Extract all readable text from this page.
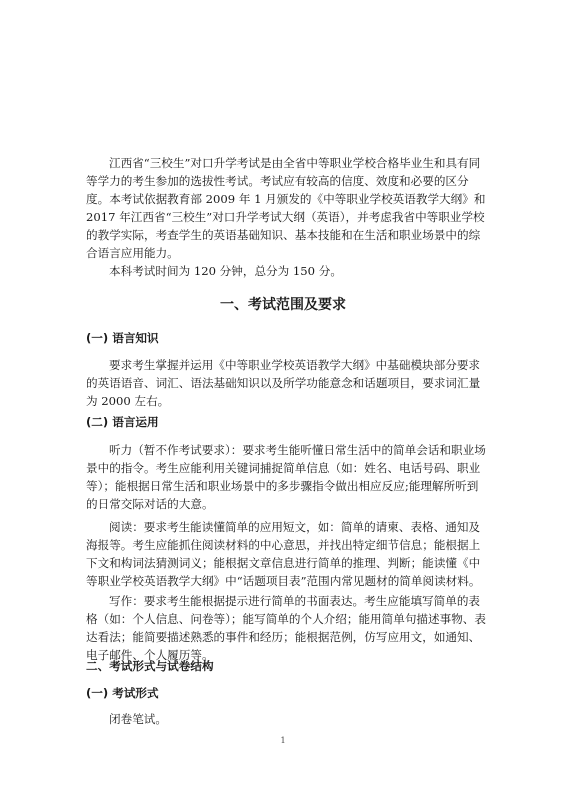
江西省“三校生”对口升学考试是由全省中等职业学校合格毕业生和具有同等学力的考生参加的选拔性考试。考试应有较高的信度、效度和必要的区分度。本考试依据教育部 2009 年 1 月颁发的《中等职业学校英语教学大纲》和 2017 年江西省“三校生”对口升学考试大纲（英语），并考虑我省中等职业学校的教学实际，考查学生的英语基础知识、基本技能和在生活和职业场景中的综合语言应用能力。

本科考试时间为 120 分钟，总分为 150 分。

一、考试范围及要求
(一) 语言知识

要求考生掌握并运用《中等职业学校英语教学大纲》中基础模块部分要求的英语语音、词汇、语法基础知识以及所学功能意念和话题项目，要求词汇量为 2000 左右。

(二) 语言运用

听力（暂不作考试要求）：要求考生能听懂日常生活中的简单会话和职业场景中的指令。考生应能利用关键词捕捉简单信息（如：姓名、电话号码、职业等）；能根据日常生活和职业场景中的多步骤指令做出相应反应;能理解所听到的日常交际对话的大意。

阅读：要求考生能读懂简单的应用短文，如：简单的请柬、表格、通知及海报等。考生应能抓住阅读材料的中心意思，并找出特定细节信息；能根据上下文和构词法猜测词义；能根据文章信息进行简单的推理、判断；能读懂《中等职业学校英语教学大纲》中“话题项目表”范围内常见题材的简单阅读材料。

写作：要求考生能根据提示进行简单的书面表达。考生应能填写简单的表格（如：个人信息、问卷等）；能写简单的个人介绍；能用简单句描述事物、表达看法；能简要描述熟悉的事件和经历；能根据范例，仿写应用文，如通知、电子邮件、个人履历等。

二、考试形式与试卷结构
(一) 考试形式

闭卷笔试。

1
